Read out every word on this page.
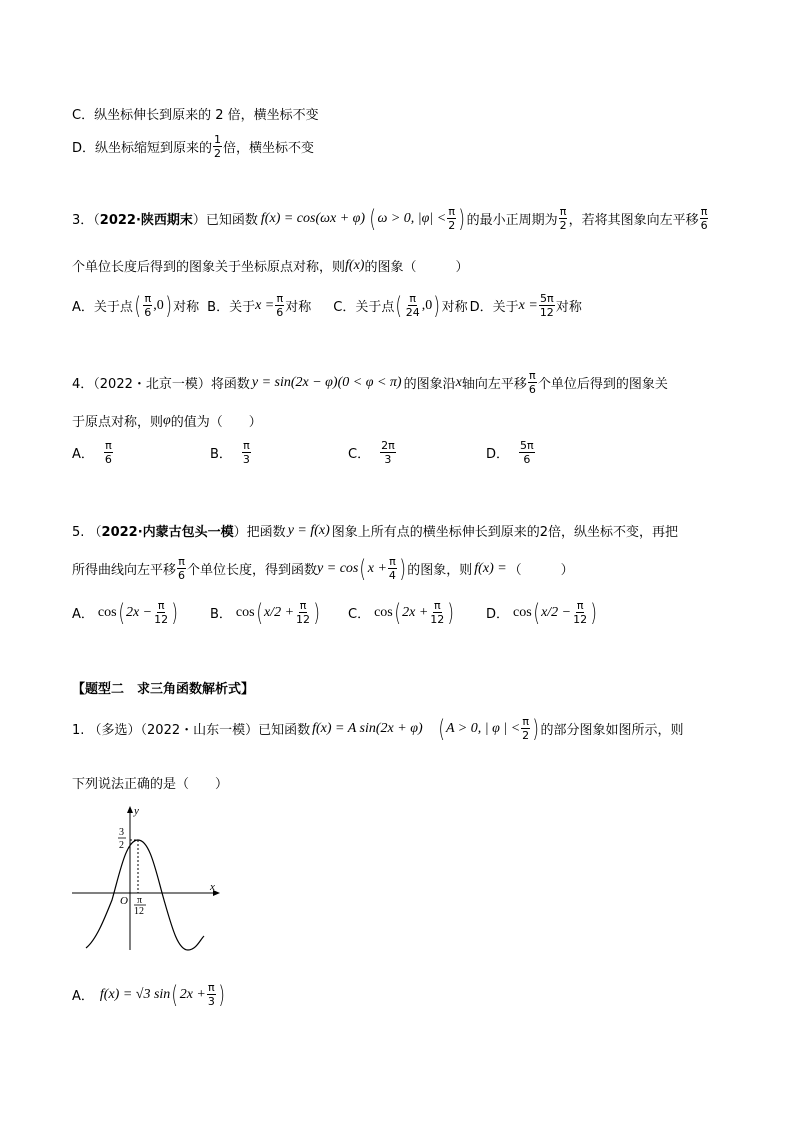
C．纵坐标伸长到原来的 2 倍，横坐标不变
D．纵坐标缩短到原来的 $\frac{1}{2}$ 倍，横坐标不变
3．（ 2022·陕西期末 ）已知函数 f(x) = cos(ωx + φ) ( ω > 0, $|\varphi| < \frac{\pi}{2}$ ) 的最小正周期为 $\frac{\pi}{2}$ ，若将其图象向左平移 $\frac{\pi}{6}$
个单位长度后得到的图象关于坐标原点对称，则 f(x) 的图象（　　　）
A．关于点 ( $\frac{\pi}{6} ,0$ ) 对称 B．关于 $x = \frac{\pi}{6}$ 对称 C．关于点 ( $\frac{\pi}{24} ,0$ ) 对称 D．关于 $x = \frac{5\pi}{12}$ 对称
4．（2022・北京一模）将函数 y = sin(2x − φ)(0 < φ < π) 的图象沿 x 轴向左平移 $\frac{\pi}{6}$ 个单位后得到的图象关
于原点对称，则 φ 的值为（　　）
A． $\frac{\pi}{6}$	B． $\frac{\pi}{3}$	C． $\frac{2\pi}{3}$	D． $\frac{5\pi}{6}$
5. （ 2022·内蒙古包头一模 ）把函数 y = f(x) 图象上所有点的横坐标伸长到原来的2倍，纵坐标不变，再把
所得曲线向左平移 $\frac{\pi}{6}$ 个单位长度，得到函数 y = cos ( $x + \frac{\pi}{4}$ ) 的图象，则 f(x) = （　　　）
A． cos ( $2x - \frac{\pi}{12}$ ) B． cos ( $x/2 + \frac{\pi}{12}$ ) C． cos ( $2x + \frac{\pi}{12}$ ) D． cos ( $x/2 - \frac{\pi}{12}$ )
【题型二　求三角函数解析式】
1. （多选）（2022・山东一模）已知函数 f(x) = A sin(2x + φ) ( A > 0, | φ | < $\frac{\pi}{2}$ ) 的部分图象如图所示，则
下列说法正确的是（　　）
y
x
O
3
2
π
12
A． f(x) = √3 sin ( $2x + \frac{\pi}{3}$ )
